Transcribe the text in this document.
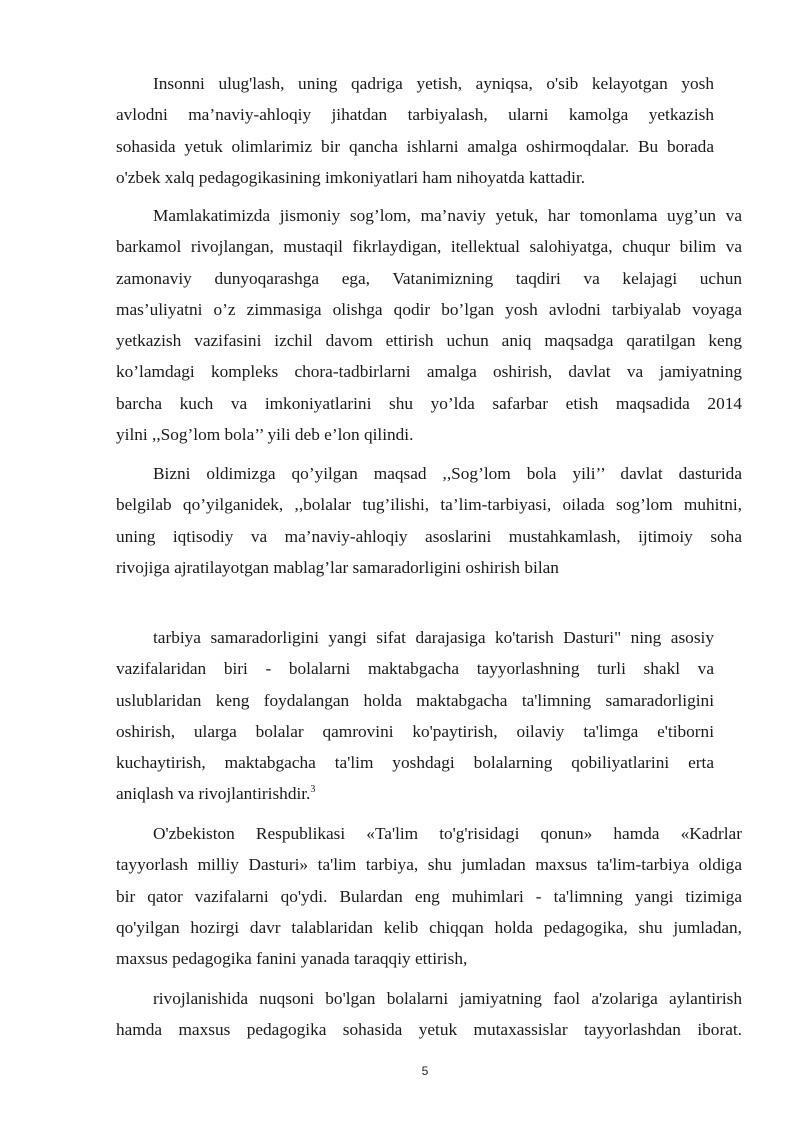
Insonni ulug'lash, uning qadriga yetish, ayniqsa, o'sib kelayotgan yosh
avlodni ma’naviy-ahloqiy jihatdan tarbiyalash, ularni kamolga yetkazish
sohasida yetuk olimlarimiz bir qancha ishlarni amalga oshirmoqdalar. Bu borada
o'zbek xalq pedagogikasining imkoniyatlari ham nihoyatda kattadir.
Mamlakatimizda jismoniy sog’lom, ma’naviy yetuk, har tomonlama uyg’un va
barkamol rivojlangan, mustaqil fikrlaydigan, itellektual salohiyatga, chuqur bilim va
zamonaviy dunyoqarashga ega, Vatanimizning taqdiri va kelajagi uchun
mas’uliyatni o’z zimmasiga olishga qodir bo’lgan yosh avlodni tarbiyalab voyaga
yetkazish vazifasini izchil davom ettirish uchun aniq maqsadga qaratilgan keng
ko’lamdagi kompleks chora-tadbirlarni amalga oshirish, davlat va jamiyatning
barcha kuch va imkoniyatlarini shu yo’lda safarbar etish maqsadida 2014
yilni ,,Sog’lom bola’’ yili deb e’lon qilindi.
Bizni oldimizga qo’yilgan maqsad ,,Sog’lom bola yili’’ davlat dasturida
belgilab qo’yilganidek, ,,bolalar tug’ilishi, ta’lim-tarbiyasi, oilada sog’lom muhitni,
uning iqtisodiy va ma’naviy-ahloqiy asoslarini mustahkamlash, ijtimoiy soha
rivojiga ajratilayotgan mablag’lar samaradorligini oshirish bilan
tarbiya samaradorligini yangi sifat darajasiga ko'tarish Dasturi" ning asosiy
vazifalaridan biri - bolalarni maktabgacha tayyorlashning turli shakl va
uslublaridan keng foydalangan holda maktabgacha ta'limning samaradorligini
oshirish, ularga bolalar qamrovini ko'paytirish, oilaviy ta'limga e'tiborni
kuchaytirish, maktabgacha ta'lim yoshdagi bolalarning qobiliyatlarini erta
aniqlash va rivojlantirishdir.$^3$
O'zbekiston Respublikasi «Ta'lim to'g'risidagi qonun» hamda «Kadrlar
tayyorlash milliy Dasturi» ta'lim tarbiya, shu jumladan maxsus ta'lim-tarbiya oldiga
bir qator vazifalarni qo'ydi. Bulardan eng muhimlari - ta'limning yangi tizimiga
qo'yilgan hozirgi davr talablaridan kelib chiqqan holda pedagogika, shu jumladan,
maxsus pedagogika fanini yanada taraqqiy ettirish,
rivojlanishida nuqsoni bo'lgan bolalarni jamiyatning faol a'zolariga aylantirish
hamda maxsus pedagogika sohasida yetuk mutaxassislar tayyorlashdan iborat.
5
